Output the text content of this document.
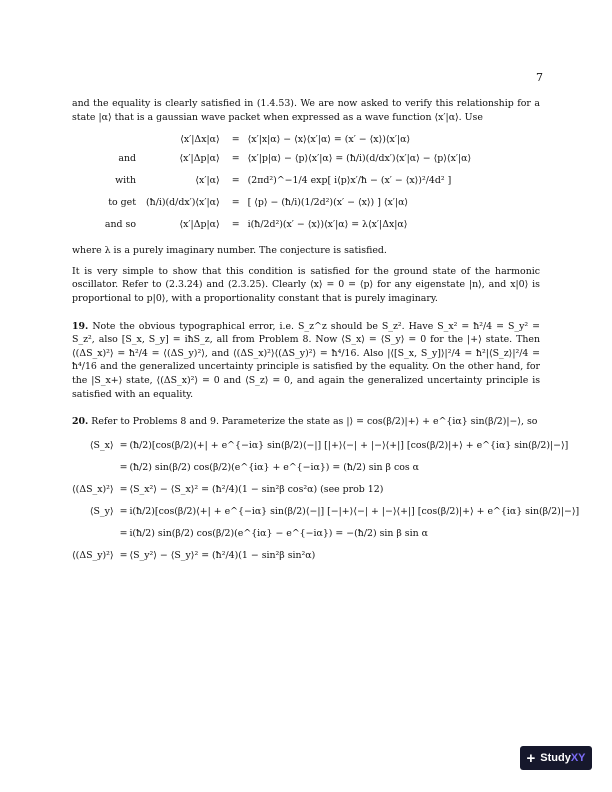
7

and the equality is clearly satisfied in (1.4.53). We are now asked to verify this relationship for a state |α⟩ that is a gaussian wave packet when expressed as a wave function ⟨x′|α⟩. Use

	⟨x′|Δx|α⟩	=	⟨x′|x|α⟩ − ⟨x⟩⟨x′|α⟩ = (x′ − ⟨x⟩)⟨x′|α⟩
and	⟨x′|Δp|α⟩	=	⟨x′|p|α⟩ − ⟨p⟩⟨x′|α⟩ = (ħ/i)(d/dx′)⟨x′|α⟩ − ⟨p⟩⟨x′|α⟩
with	⟨x′|α⟩	=	(2πd²)^−1/4 exp[ i⟨p⟩x′/ħ − (x′ − ⟨x⟩)²/4d² ]
to get	(ħ/i)(d/dx′)⟨x′|α⟩	=	[ ⟨p⟩ − (ħ/i)(1/2d²)(x′ − ⟨x⟩) ] ⟨x′|α⟩
and so	⟨x′|Δp|α⟩	=	i(ħ/2d²)(x′ − ⟨x⟩)⟨x′|α⟩ = λ⟨x′|Δx|α⟩

where λ is a purely imaginary number. The conjecture is satisfied.

It is very simple to show that this condition is satisfied for the ground state of the harmonic oscillator. Refer to (2.3.24) and (2.3.25). Clearly ⟨x⟩ = 0 = ⟨p⟩ for any eigenstate |n⟩, and x|0⟩ is proportional to p|0⟩, with a proportionality constant that is purely imaginary.

19. Note the obvious typographical error, i.e. S_z^z should be S_z². Have S_x² = ħ²/4 = S_y² = S_z², also [S_x, S_y] = iħS_z, all from Problem 8. Now ⟨S_x⟩ = ⟨S_y⟩ = 0 for the |+⟩ state. Then ⟨(ΔS_x)²⟩ = ħ²/4 = ⟨(ΔS_y)²⟩, and ⟨(ΔS_x)²⟩⟨(ΔS_y)²⟩ = ħ⁴/16. Also |⟨[S_x, S_y]⟩|²/4 = ħ²|⟨S_z⟩|²/4 = ħ⁴/16 and the generalized uncertainty principle is satisfied by the equality. On the other hand, for the |S_x+⟩ state, ⟨(ΔS_x)²⟩ = 0 and ⟨S_z⟩ = 0, and again the generalized uncertainty principle is satisfied with an equality.

20. Refer to Problems 8 and 9. Parameterize the state as |⟩ = cos(β/2)|+⟩ + e^{iα} sin(β/2)|−⟩, so

⟨S_x⟩	=	(ħ/2)[cos(β/2)⟨+| + e^{−iα} sin(β/2)⟨−|] [|+⟩⟨−| + |−⟩⟨+|] [cos(β/2)|+⟩ + e^{iα} sin(β/2)|−⟩]
	=	(ħ/2) sin(β/2) cos(β/2)(e^{iα} + e^{−iα}) = (ħ/2) sin β cos α
⟨(ΔS_x)²⟩	=	⟨S_x²⟩ − ⟨S_x⟩² = (ħ²/4)(1 − sin²β cos²α) (see prob 12)
⟨S_y⟩	=	i(ħ/2)[cos(β/2)⟨+| + e^{−iα} sin(β/2)⟨−|] [−|+⟩⟨−| + |−⟩⟨+|] [cos(β/2)|+⟩ + e^{iα} sin(β/2)|−⟩]
	=	i(ħ/2) sin(β/2) cos(β/2)(e^{iα} − e^{−iα}) = −(ħ/2) sin β sin α
⟨(ΔS_y)²⟩	=	⟨S_y²⟩ − ⟨S_y⟩² = (ħ²/4)(1 − sin²β sin²α)
+ Study XY
